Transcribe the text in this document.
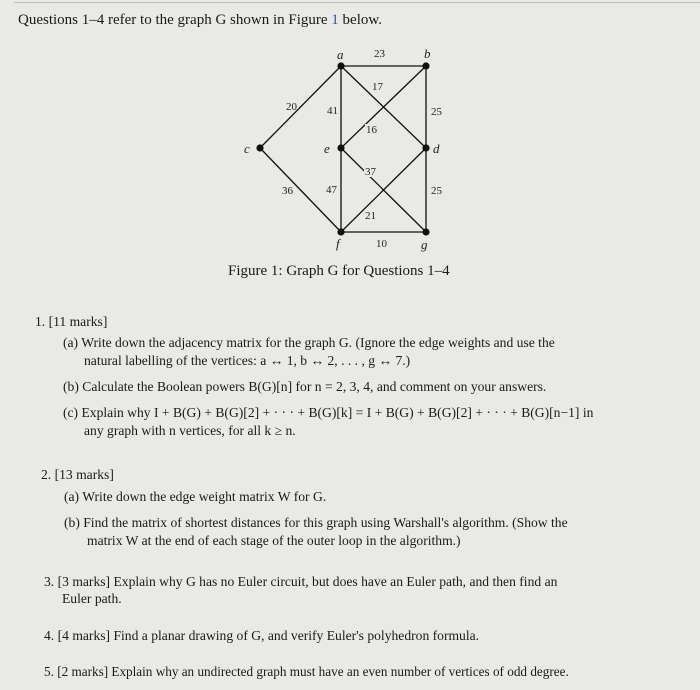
Questions 1–4 refer to the graph G shown in Figure 1 below.
17
16
37
21
23
20	41	25
36	47	25
10
a	b
c	e	d
f	g
Figure 1: Graph G for Questions 1–4
1. [11 marks]
(a) Write down the adjacency matrix for the graph G. (Ignore the edge weights and use the
natural labelling of the vertices: a ↔ 1, b ↔ 2, . . . , g ↔ 7.)
(b) Calculate the Boolean powers B(G)[n] for n = 2, 3, 4, and comment on your answers.
(c) Explain why I + B(G) + B(G)[2] + · · · + B(G)[k] = I + B(G) + B(G)[2] + · · · + B(G)[n−1] in
any graph with n vertices, for all k ≥ n.
2. [13 marks]
(a) Write down the edge weight matrix W for G.
(b) Find the matrix of shortest distances for this graph using Warshall's algorithm. (Show the
matrix W at the end of each stage of the outer loop in the algorithm.)
3. [3 marks] Explain why G has no Euler circuit, but does have an Euler path, and then find an
Euler path.
4. [4 marks] Find a planar drawing of G, and verify Euler's polyhedron formula.
5. [2 marks] Explain why an undirected graph must have an even number of vertices of odd degree.
